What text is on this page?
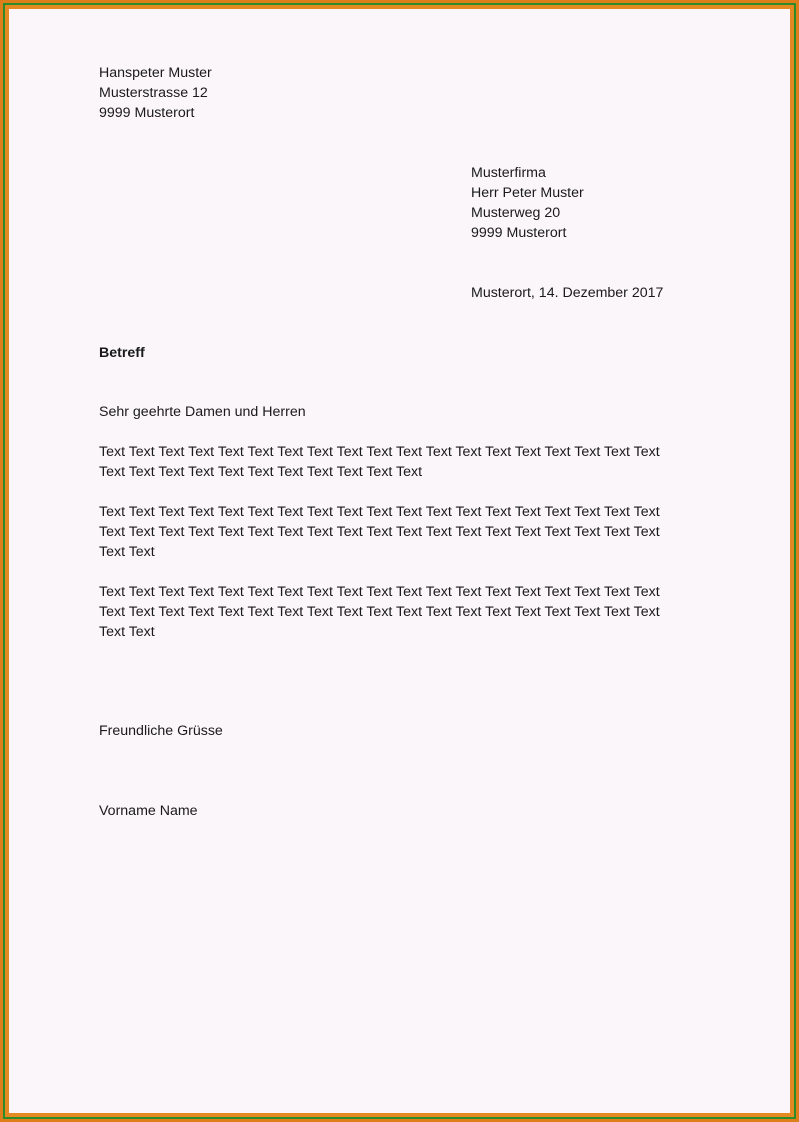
Hanspeter Muster
Musterstrasse 12
9999 Musterort
Musterfirma
Herr Peter Muster
Musterweg 20
9999 Musterort
Musterort, 14. Dezember 2017
Betreff
Sehr geehrte Damen und Herren
Text Text Text Text Text Text Text Text Text Text Text Text Text Text Text Text Text Text Text
Text Text Text Text Text Text Text Text Text Text Text
Text Text Text Text Text Text Text Text Text Text Text Text Text Text Text Text Text Text Text
Text Text Text Text Text Text Text Text Text Text Text Text Text Text Text Text Text Text Text
Text Text
Text Text Text Text Text Text Text Text Text Text Text Text Text Text Text Text Text Text Text
Text Text Text Text Text Text Text Text Text Text Text Text Text Text Text Text Text Text Text
Text Text
Freundliche Grüsse
Vorname Name
